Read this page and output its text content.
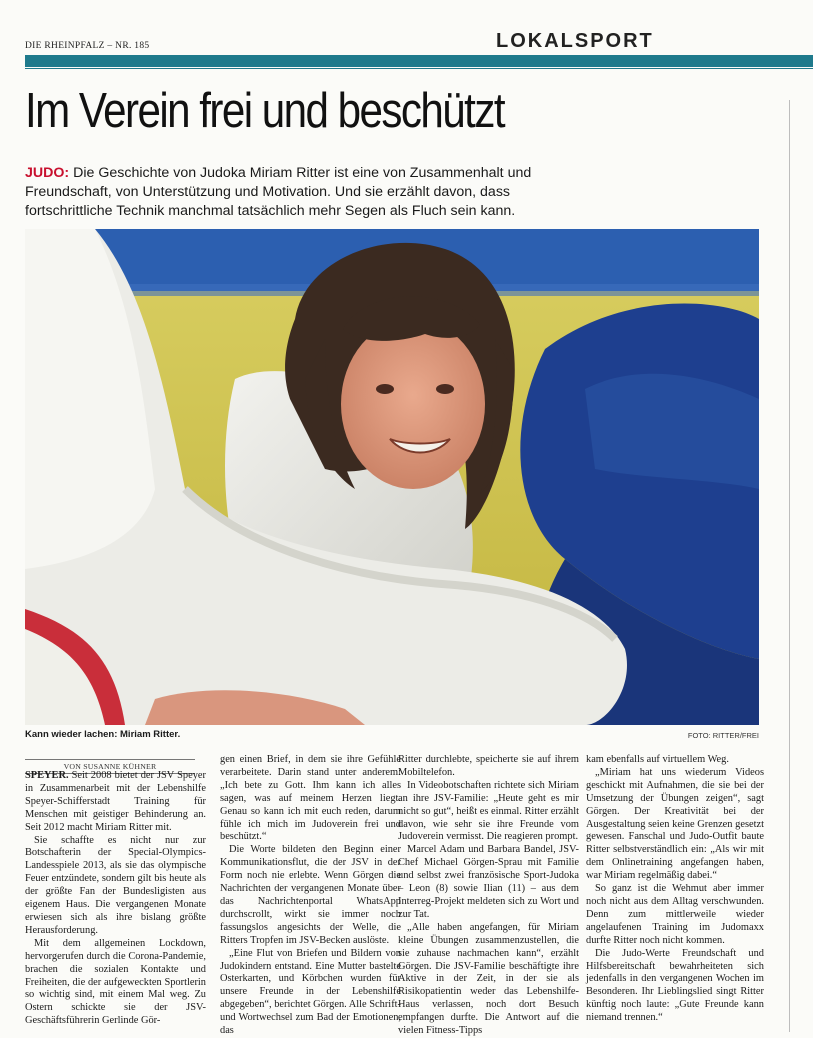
DIE RHEINPFALZ – NR. 185	LOKALSPORT
Im Verein frei und beschützt
JUDO: Die Geschichte von Judoka Miriam Ritter ist eine von Zusammenhalt und Freundschaft, von Unterstützung und Motivation. Und sie erzählt davon, dass fortschrittliche Technik manchmal tatsächlich mehr Segen als Fluch sein kann.
Kann wieder lachen: Miriam Ritter.	FOTO: RITTER/FREI
VON SUSANNE KÜHNER

SPEYER. Seit 2008 bietet der JSV Speyer in Zusammenarbeit mit der Lebenshilfe Speyer-Schifferstadt Training für Menschen mit geistiger Behinderung an. Seit 2012 macht Miriam Ritter mit.

Sie schaffte es nicht nur zur Botschafterin der Special-Olympics-Landesspiele 2013, als sie das olympische Feuer entzündete, sondern gilt bis heute als der größte Fan der Bundesligisten aus eigenem Haus. Die vergangenen Monate erwiesen sich als ihre bislang größte Herausforderung.

Mit dem allgemeinen Lockdown, hervorgerufen durch die Corona-Pandemie, brachen die sozialen Kontakte und Freiheiten, die der aufgeweckten Sportlerin so wichtig sind, mit einem Mal weg. Zu Ostern schickte sie der JSV-Geschäftsführerin Gerlinde Gör-

gen einen Brief, in dem sie ihre Gefühle verarbeitete. Darin stand unter anderem: „Ich bete zu Gott. Ihm kann ich alles sagen, was auf meinem Herzen liegt. Genau so kann ich mit euch reden, darum fühle ich mich im Judoverein frei und beschützt.“

Die Worte bildeten den Beginn einer Kommunikationsflut, die der JSV in der Form noch nie erlebte. Wenn Görgen die Nachrichten der vergangenen Monate über das Nachrichtenportal WhatsApp durchscrollt, wirkt sie immer noch fassungslos angesichts der Welle, die Ritters Tropfen im JSV-Becken auslöste.

„Eine Flut von Briefen und Bildern von Judokindern entstand. Eine Mutter bastelte Osterkarten, und Körbchen wurden für unsere Freunde in der Lebenshilfe abgegeben“, berichtet Görgen. Alle Schrift- und Wortwechsel zum Bad der Emotionen, das

Ritter durchlebte, speicherte sie auf ihrem Mobiltelefon.

In Videobotschaften richtete sich Miriam an ihre JSV-Familie: „Heute geht es mir nicht so gut“, heißt es einmal. Ritter erzählt davon, wie sehr sie ihre Freunde vom Judoverein vermisst. Die reagieren prompt.

Marcel Adam und Barbara Bandel, JSV-Chef Michael Görgen-Sprau mit Familie und selbst zwei französische Sport-Judoka – Leon (8) sowie Ilian (11) – aus dem Interreg-Projekt meldeten sich zu Wort und zur Tat.

„Alle haben angefangen, für Miriam kleine Übungen zusammenzustellen, die sie zuhause nachmachen kann“, erzählt Görgen. Die JSV-Familie beschäftigte ihre Aktive in der Zeit, in der sie als Risikopatientin weder das Lebenshilfe-Haus verlassen, noch dort Besuch empfangen durfte. Die Antwort auf die vielen Fitness-Tipps

kam ebenfalls auf virtuellem Weg.

„Miriam hat uns wiederum Videos geschickt mit Aufnahmen, die sie bei der Umsetzung der Übungen zeigen“, sagt Görgen. Der Kreativität bei der Ausgestaltung seien keine Grenzen gesetzt gewesen. Fanschal und Judo-Outfit baute Ritter selbstverständlich ein: „Als wir mit dem Onlinetraining angefangen haben, war Miriam regelmäßig dabei.“

So ganz ist die Wehmut aber immer noch nicht aus dem Alltag verschwunden. Denn zum mittlerweile wieder angelaufenen Training im Judomaxx durfte Ritter noch nicht kommen.

Die Judo-Werte Freundschaft und Hilfsbereitschaft bewahrheiteten sich jedenfalls in den vergangenen Wochen im Besonderen. Ihr Lieblingslied singt Ritter künftig noch laute: „Gute Freunde kann niemand trennen.“
